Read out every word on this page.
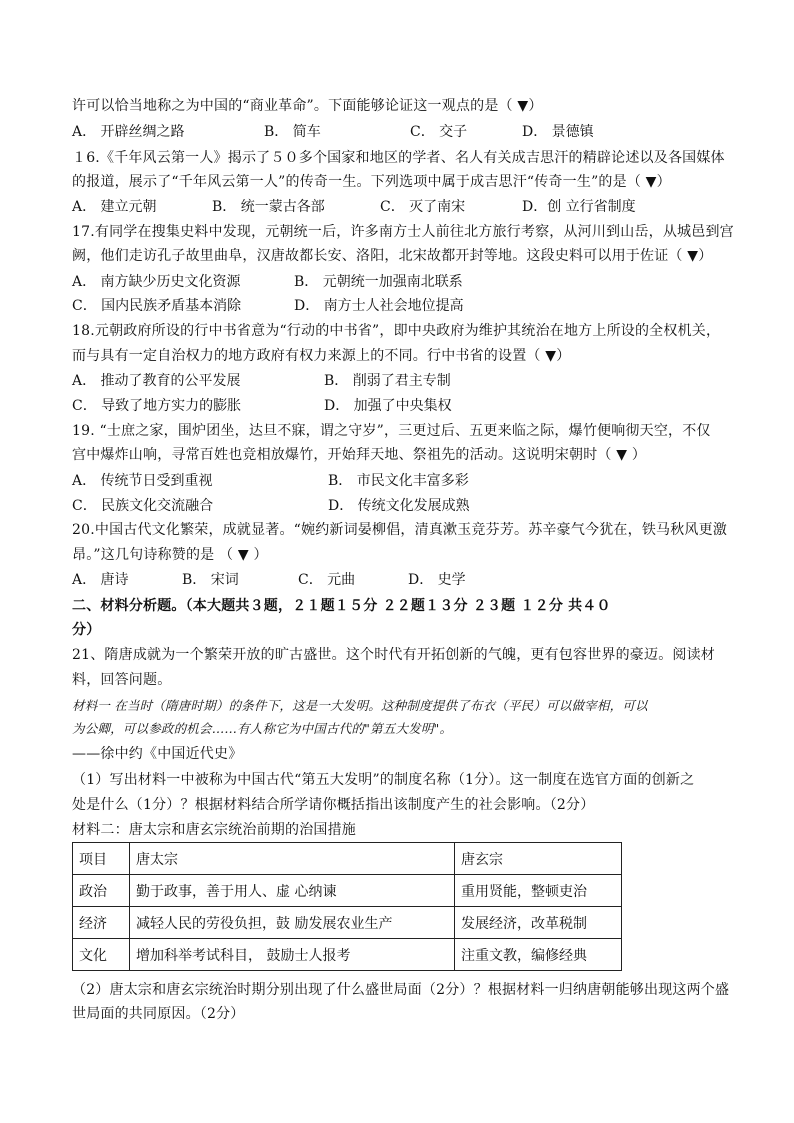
许可以恰当地称之为中国的“商业革命”。下面能够论证这一观点的是（ ▼）
A． 开辟丝绸之路	B． 简车	C． 交子	D． 景德镇
１6.《千年风云第一人》揭示了５０多个国家和地区的学者、名人有关成吉思汗的精辟论述以及各国媒体
的报道，展示了“千年风云第一人”的传奇一生。下列选项中属于成吉思汗“传奇一生”的是（ ▼）
A． 建立元朝	B． 统一蒙古各部	C． 灭了南宋	D．创 立行省制度
17.有同学在搜集史料中发现，元朝统一后，许多南方士人前往北方旅行考察，从河川到山岳，从城邑到宫
阙，他们走访孔子故里曲阜，汉唐故都长安、洛阳，北宋故都开封等地。这段史料可以用于佐证（ ▼）
A． 南方缺少历史文化资源	B． 元朝统一加强南北联系
C． 国内民族矛盾基本消除	D． 南方士人社会地位提高
18.元朝政府所设的行中书省意为“行动的中书省”，即中央政府为维护其统治在地方上所设的全权机关，
而与具有一定自治权力的地方政府有权力来源上的不同。行中书省的设置（ ▼）
A． 推动了教育的公平发展	B． 削弱了君主专制
C． 导致了地方实力的膨胀	D． 加强了中央集权
19. “士庶之家，围炉团坐，达旦不寐，谓之守岁”，三更过后、五更来临之际，爆竹便响彻天空，不仅
宫中爆炸山响，寻常百姓也竞相放爆竹，开始拜天地、祭祖先的活动。这说明宋朝时（ ▼ ）
A． 传统节日受到重视	B． 市民文化丰富多彩
C． 民族文化交流融合	D． 传统文化发展成熟
20.中国古代文化繁荣，成就显著。“婉约新词晏柳倡，清真漱玉竞芬芳。苏辛豪气今犹在，铁马秋风更激
昂。”这几句诗称赞的是 （ ▼ ）
A． 唐诗	B． 宋词	C． 元曲	D． 史学
二、材料分析题。（本大题共３题，２１题１５分 ２２题１３分 ２３题 １２分 共４０
分）
21、隋唐成就为一个繁荣开放的旷古盛世。这个时代有开拓创新的气魄，更有包容世界的豪迈。阅读材
料，回答问题。
材料一 在当时（隋唐时期）的条件下，这是一大发明。这种制度提供了布衣（平民）可以做宰相，可以
为公卿，可以参政的机会……有人称它为中国古代的"第五大发明"。
——徐中约《中国近代史》
（1）写出材料一中被称为中国古代“第五大发明”的制度名称（1分）。这一制度在选官方面的创新之
处是什么（1分）？根据材料结合所学请你概括指出该制度产生的社会影响。（2分）
材料二：唐太宗和唐玄宗统治前期的治国措施
项目	唐太宗	唐玄宗
政治	勤于政事，善于用人、虚 心纳谏	重用贤能，整顿吏治
经济	减轻人民的劳役负担，鼓 励发展农业生产	发展经济，改革税制
文化	增加科举考试科目， 鼓励士人报考	注重文教，编修经典
（2）唐太宗和唐玄宗统治时期分别出现了什么盛世局面（2分）？根据材料一归纳唐朝能够出现这两个盛
世局面的共同原因。（2分）
